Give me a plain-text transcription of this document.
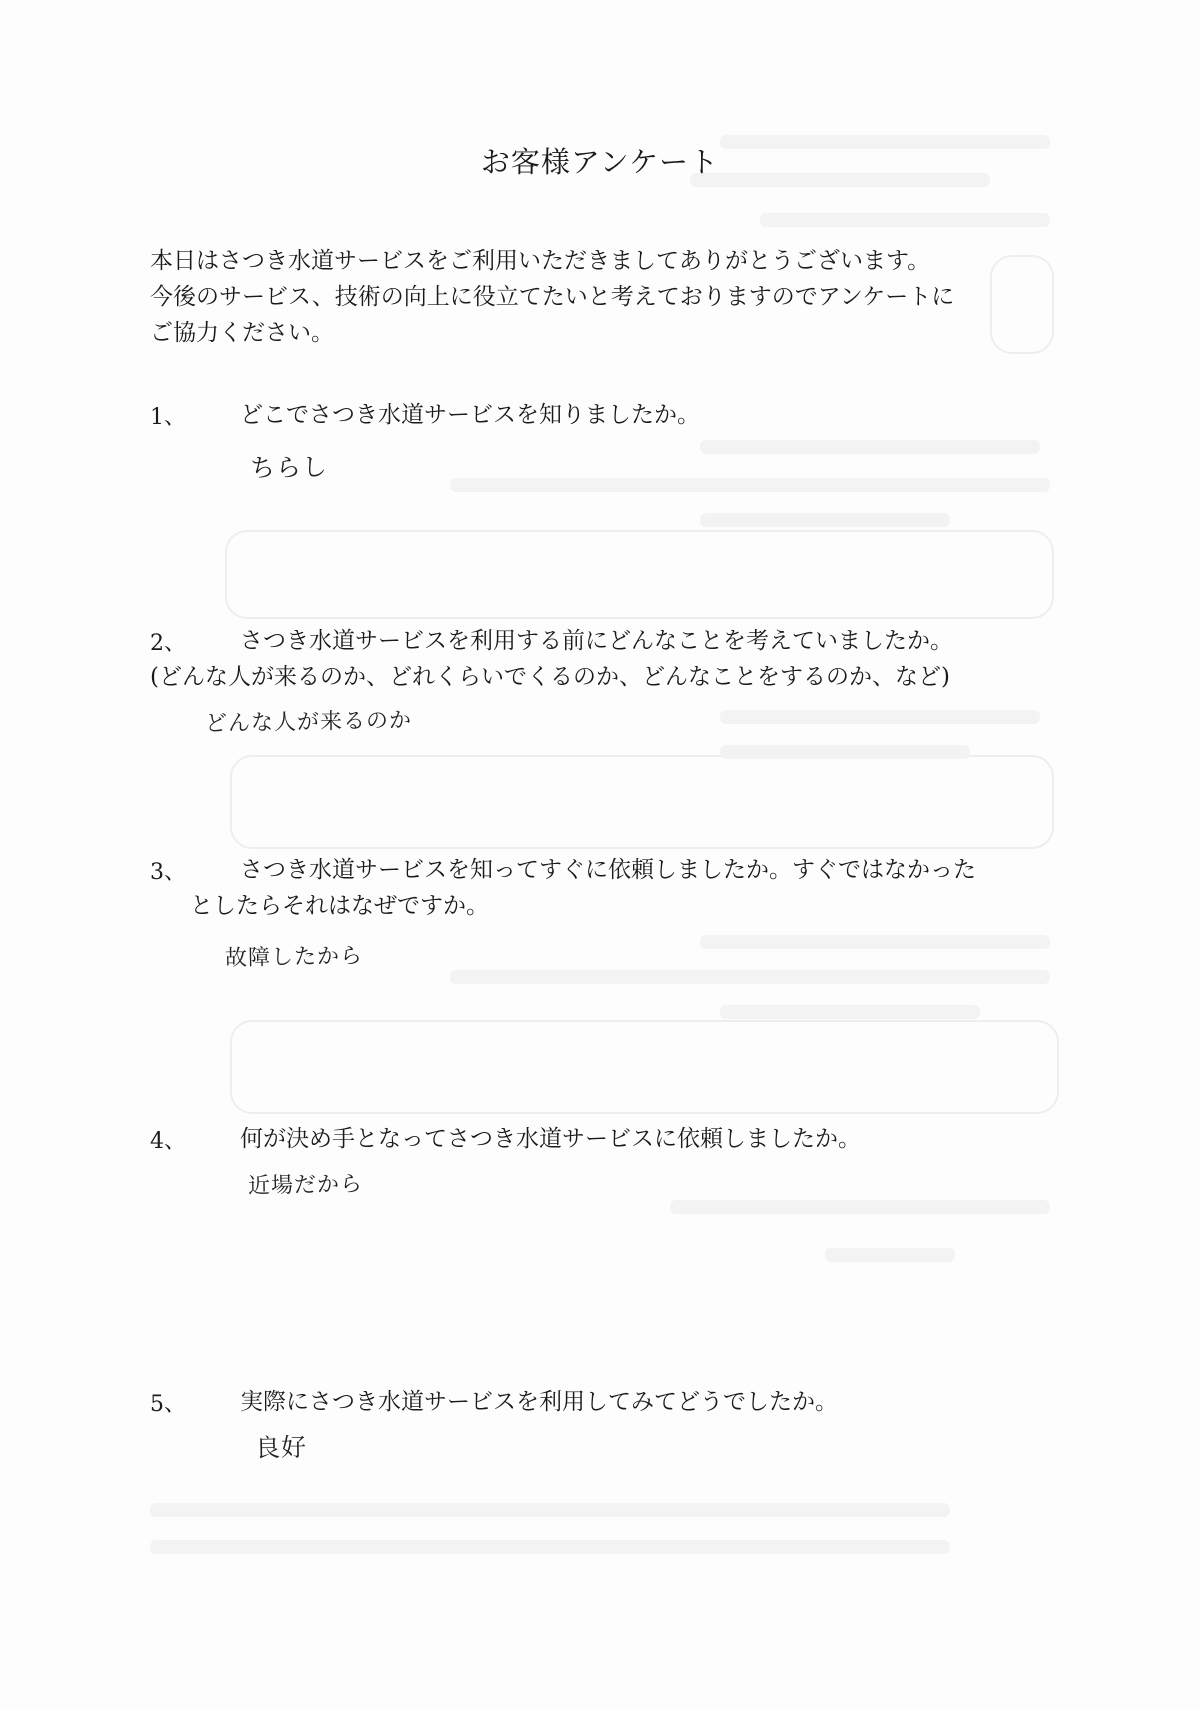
お客様アンケート
本日はさつき水道サービスをご利用いただきましてありがとうございます。
今後のサービス、技術の向上に役立てたいと考えておりますのでアンケートに
ご協力ください。
1、 どこでさつき水道サービスを知りましたか。
ちらし
2、 さつき水道サービスを利用する前にどんなことを考えていましたか。
(どんな人が来るのか、どれくらいでくるのか、どんなことをするのか、など)
どんな人が来るのか
3、 さつき水道サービスを知ってすぐに依頼しましたか。すぐではなかった
としたらそれはなぜですか。
故障したから
4、 何が決め手となってさつき水道サービスに依頼しましたか。
近場だから
5、 実際にさつき水道サービスを利用してみてどうでしたか。
良好
